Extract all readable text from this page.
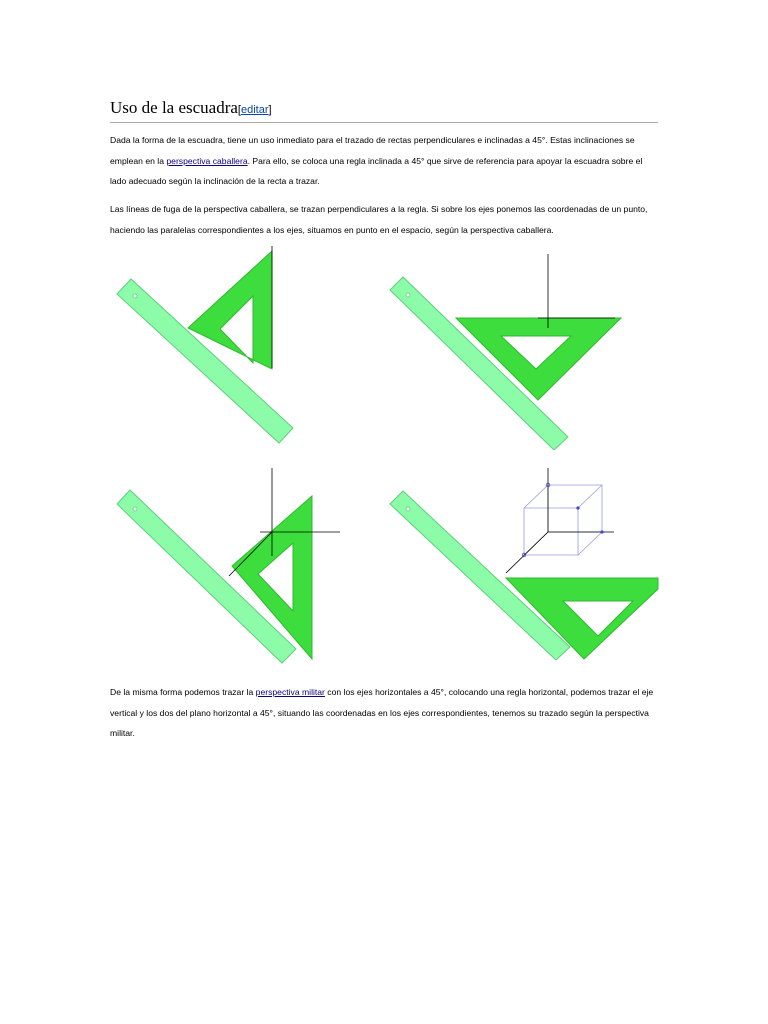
Uso de la escuadra[editar]

Dada la forma de la escuadra, tiene un uso inmediato para el trazado de rectas perpendiculares e inclinadas a 45°. Estas inclinaciones se emplean en la perspectiva caballera. Para ello, se coloca una regla inclinada a 45° que sirve de referencia para apoyar la escuadra sobre el lado adecuado según la inclinación de la recta a trazar.

Las líneas de fuga de la perspectiva caballera, se trazan perpendiculares a la regla. Si sobre los ejes ponemos las coordenadas de un punto, haciendo las paralelas correspondientes a los ejes, situamos en punto en el espacio, según la perspectiva caballera.

De la misma forma podemos trazar la perspectiva militar con los ejes horizontales a 45°, colocando una regla horizontal, podemos trazar el eje vertical y los dos del plano horizontal a 45°, situando las coordenadas en los ejes correspondientes, tenemos su trazado según la perspectiva militar.
